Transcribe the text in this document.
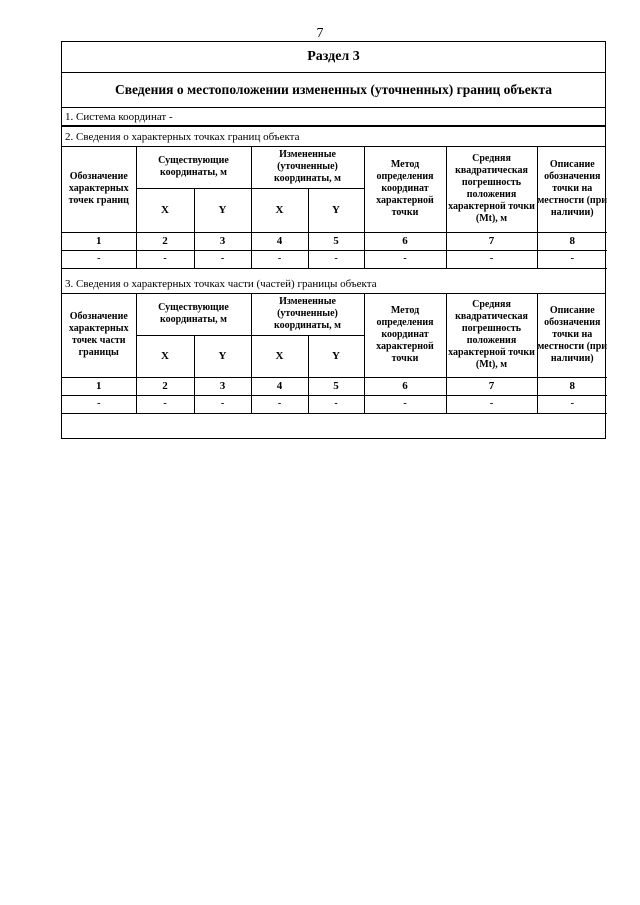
7
Раздел 3
Сведения о местоположении измененных (уточненных) границ объекта
1. Система координат -
2. Сведения о характерных точках границ объекта
Обозначение характерных точек границ	Существующие координаты, м		Измененные (уточненные) координаты, м		Метод определения координат характерной точки	Средняя квадратическая погрешность положения характерной точки (Mt), м	Описание обозначения точки на местности (при наличии)
	X	Y	X	Y			
1	2	3	4	5	6	7	8
-	-	-	-	-	-	-	-
3. Сведения о характерных точках части (частей) границы объекта
Обозначение характерных точек части границы	Существующие координаты, м		Измененные (уточненные) координаты, м		Метод определения координат характерной точки	Средняя квадратическая погрешность положения характерной точки (Mt), м	Описание обозначения точки на местности (при наличии)
	X	Y	X	Y			
1	2	3	4	5	6	7	8
-	-	-	-	-	-	-	-
